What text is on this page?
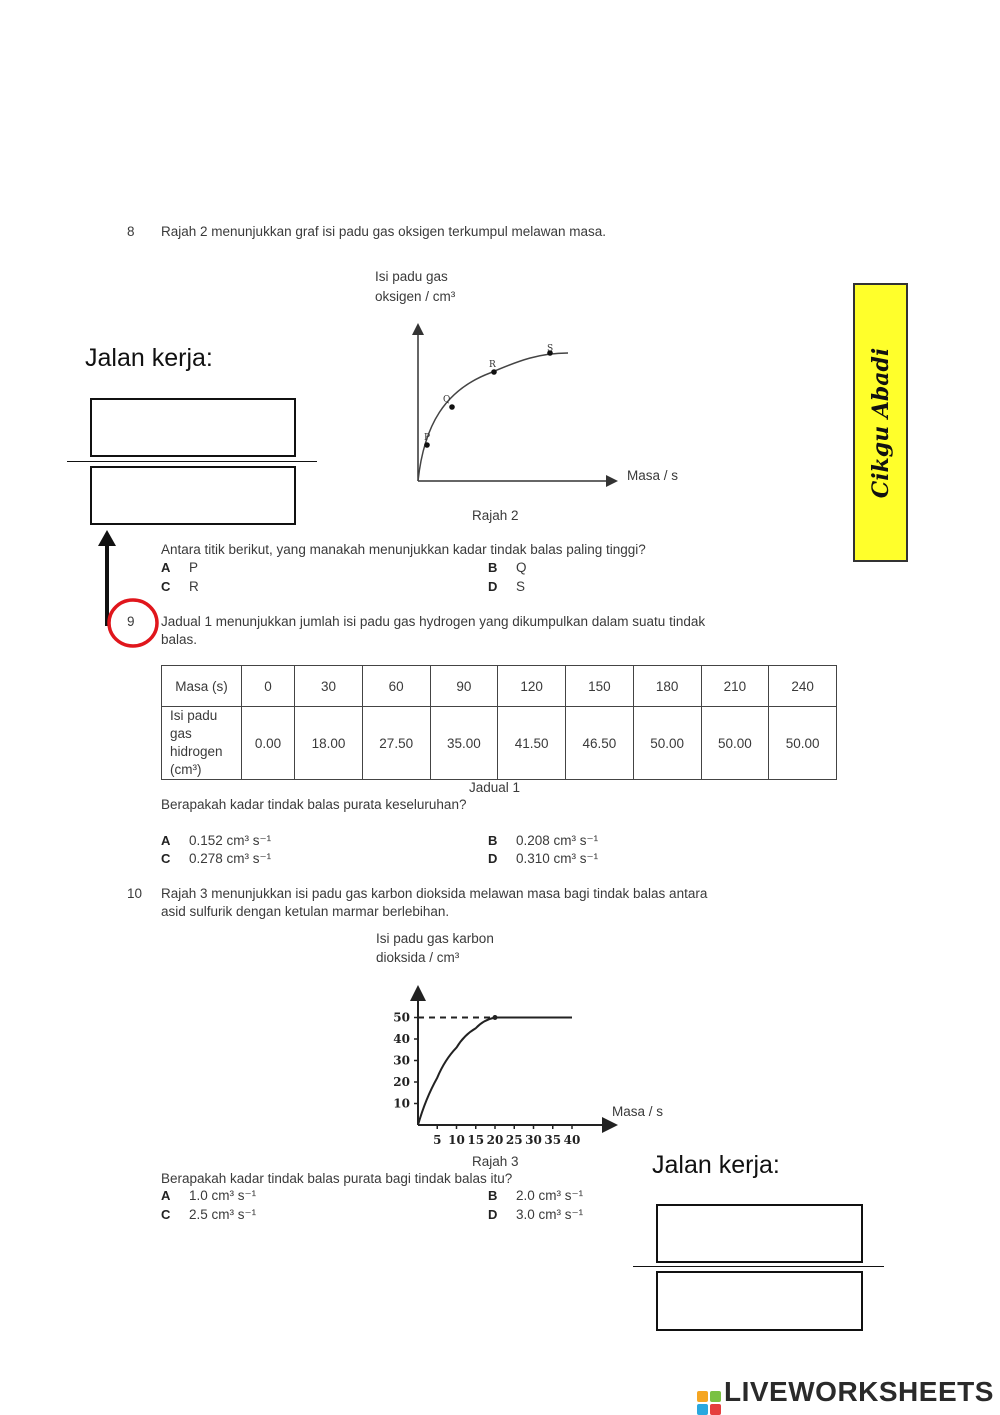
8 Rajah 2 menunjukkan graf isi padu gas oksigen terkumpul melawan masa.
Isi padu gas
oksigen / cm³
P
Q
R
S
Masa / s
Rajah 2
Antara titik berikut, yang manakah menunjukkan kadar tindak balas paling tinggi?
A P	B Q
C R	D S
Jalan kerja:
9 Jadual 1 menunjukkan jumlah isi padu gas hydrogen yang dikumpulkan dalam suatu tindak
balas.
Masa (s)	0	30	60	90	120	150	180	210	240

Isi padu
gas
hidrogen
(cm³)	0.00	18.00	27.50	35.00	41.50	46.50	50.00	50.00	50.00
Jadual 1
Berapakah kadar tindak balas purata keseluruhan?
A 0.152 cm³ s⁻¹	B 0.208 cm³ s⁻¹
C 0.278 cm³ s⁻¹	D 0.310 cm³ s⁻¹
10 Rajah 3 menunjukkan isi padu gas karbon dioksida melawan masa bagi tindak balas antara
asid sulfurik dengan ketulan marmar berlebihan.
Isi padu gas karbon
dioksida / cm³
5 10 15 20 25 30 35 40
10
20
30
40
50
Masa / s
Rajah 3
Berapakah kadar tindak balas purata bagi tindak balas itu?
A 1.0 cm³ s⁻¹	B 2.0 cm³ s⁻¹
C 2.5 cm³ s⁻¹	D 3.0 cm³ s⁻¹
Jalan kerja:
Cikgu Abadi
LIVEWORKSHEETS
